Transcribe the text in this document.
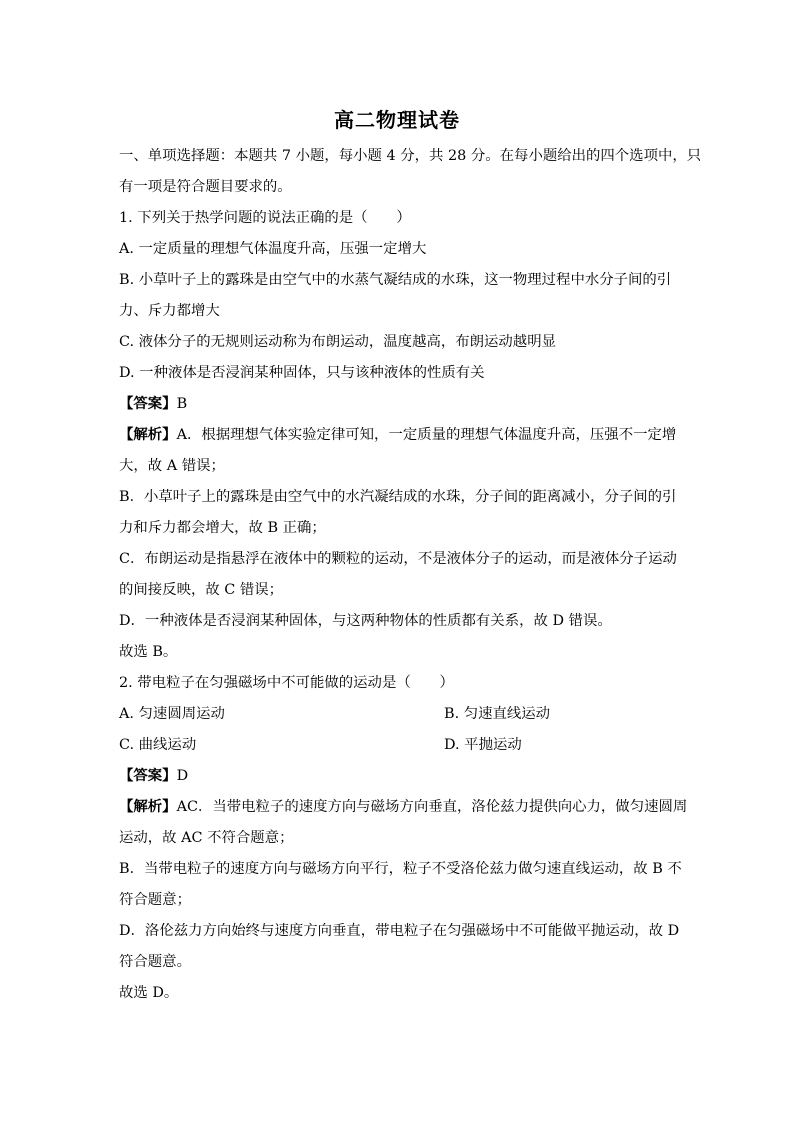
高二物理试卷
一、单项选择题：本题共 7 小题，每小题 4 分，共 28 分。在每小题给出的四个选项中，只
有一项是符合题目要求的。
1. 下列关于热学问题的说法正确的是（　　）
A. 一定质量的理想气体温度升高，压强一定增大
B. 小草叶子上的露珠是由空气中的水蒸气凝结成的水珠，这一物理过程中水分子间的引
力、斥力都增大
C. 液体分子的无规则运动称为布朗运动，温度越高，布朗运动越明显
D. 一种液体是否浸润某种固体，只与该种液体的性质有关
【答案】B
【解析】A．根据理想气体实验定律可知，一定质量的理想气体温度升高，压强不一定增
大，故 A 错误；
B．小草叶子上的露珠是由空气中的水汽凝结成的水珠，分子间的距离减小，分子间的引
力和斥力都会增大，故 B 正确；
C．布朗运动是指悬浮在液体中的颗粒的运动，不是液体分子的运动，而是液体分子运动
的间接反映，故 C 错误；
D．一种液体是否浸润某种固体，与这两种物体的性质都有关系，故 D 错误。
故选 B。
2. 带电粒子在匀强磁场中不可能做的运动是（　　）
A. 匀速圆周运动	B. 匀速直线运动
C. 曲线运动	D. 平抛运动
【答案】D
【解析】AC．当带电粒子的速度方向与磁场方向垂直，洛伦兹力提供向心力，做匀速圆周
运动，故 AC 不符合题意；
B．当带电粒子的速度方向与磁场方向平行，粒子不受洛伦兹力做匀速直线运动，故 B 不
符合题意；
D．洛伦兹力方向始终与速度方向垂直，带电粒子在匀强磁场中不可能做平抛运动，故 D
符合题意。
故选 D。
